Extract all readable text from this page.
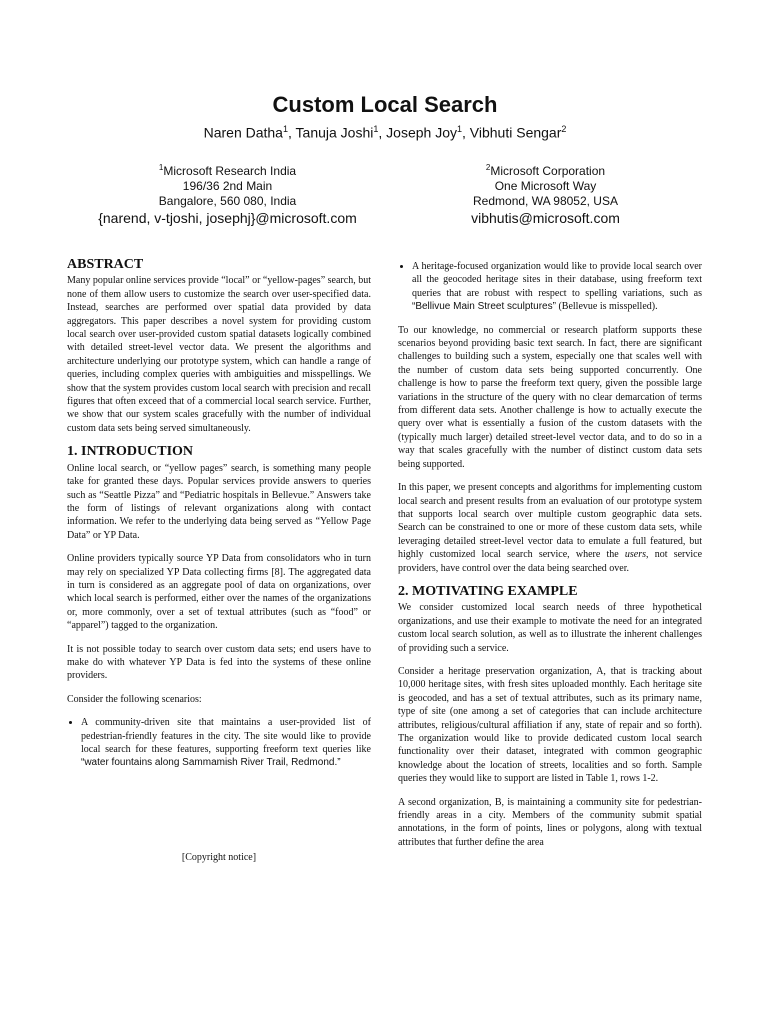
Custom Local Search
Naren Datha$^1$, Tanuja Joshi$^1$, Joseph Joy$^1$, Vibhuti Sengar$^2$
$^1$Microsoft Research India
196/36 2nd Main
Bangalore, 560 080, India
{narend, v-tjoshi, josephj}@microsoft.com
$^2$Microsoft Corporation
One Microsoft Way
Redmond, WA 98052, USA
vibhutis@microsoft.com
ABSTRACT

Many popular online services provide “local” or “yellow-pages” search, but none of them allow users to customize the search over user-specified data. Instead, searches are performed over spatial data provided by data aggregators. This paper describes a novel system for providing custom local search over user-provided custom spatial datasets logically combined with detailed street-level vector data. We present the algorithms and architecture underlying our prototype system, which can handle a range of queries, including complex queries with ambiguities and misspellings. We show that the system provides custom local search with precision and recall figures that often exceed that of a commercial local search service. Further, we show that our system scales gracefully with the number of individual custom data sets being served simultaneously.

1. INTRODUCTION

Online local search, or “yellow pages” search, is something many people take for granted these days. Popular services provide answers to queries such as “Seattle Pizza” and “Pediatric hospitals in Bellevue.” Answers take the form of listings of relevant organizations along with contact information. We refer to the underlying data being served as “Yellow Page Data” or YP Data.

Online providers typically source YP Data from consolidators who in turn may rely on specialized YP Data collecting firms [8]. The aggregated data in turn is considered as an aggregate pool of data on organizations, over which local search is performed, either over the names of the organizations or, more commonly, over a set of textual attributes (such as “food” or “apparel”) tagged to the organization.

It is not possible today to search over custom data sets; end users have to make do with whatever YP Data is fed into the systems of these online providers.

Consider the following scenarios:

• A community-driven site that maintains a user-provided list of pedestrian-friendly features in the city. The site would like to provide local search for these features, supporting freeform text queries like “water fountains along Sammamish River Trail, Redmond.”
[Copyright notice]
• A heritage-focused organization would like to provide local search over all the geocoded heritage sites in their database, using freeform text queries that are robust with respect to spelling variations, such as “Bellivue Main Street sculptures” (Bellevue is misspelled).

To our knowledge, no commercial or research platform supports these scenarios beyond providing basic text search. In fact, there are significant challenges to building such a system, especially one that scales well with the number of custom data sets being supported concurrently. One challenge is how to parse the freeform text query, given the possible large variations in the structure of the query with no clear demarcation of terms from different data sets. Another challenge is how to actually execute the query over what is essentially a fusion of the custom datasets with the (typically much larger) detailed street-level vector data, and to do so in a way that scales gracefully with the number of distinct custom data sets being supported.

In this paper, we present concepts and algorithms for implementing custom local search and present results from an evaluation of our prototype system that supports local search over multiple custom geographic data sets. Search can be constrained to one or more of these custom data sets, while leveraging detailed street-level vector data to emulate a full featured, but highly customized local search service, where the users, not service providers, have control over the data being searched over.

2. MOTIVATING EXAMPLE

We consider customized local search needs of three hypothetical organizations, and use their example to motivate the need for an integrated custom local search solution, as well as to illustrate the inherent challenges of providing such a service.

Consider a heritage preservation organization, A, that is tracking about 10,000 heritage sites, with fresh sites uploaded monthly. Each heritage site is geocoded, and has a set of textual attributes, such as its primary name, type of site (one among a set of categories that can include architecture attributes, religious/cultural affiliation if any, state of repair and so forth). The organization would like to provide dedicated custom local search functionality over their dataset, integrated with common geographic knowledge about the location of streets, localities and so forth. Sample queries they would like to support are listed in Table 1, rows 1-2.

A second organization, B, is maintaining a community site for pedestrian-friendly areas in a city. Members of the community submit spatial annotations, in the form of points, lines or polygons, along with textual attributes that further define the area
